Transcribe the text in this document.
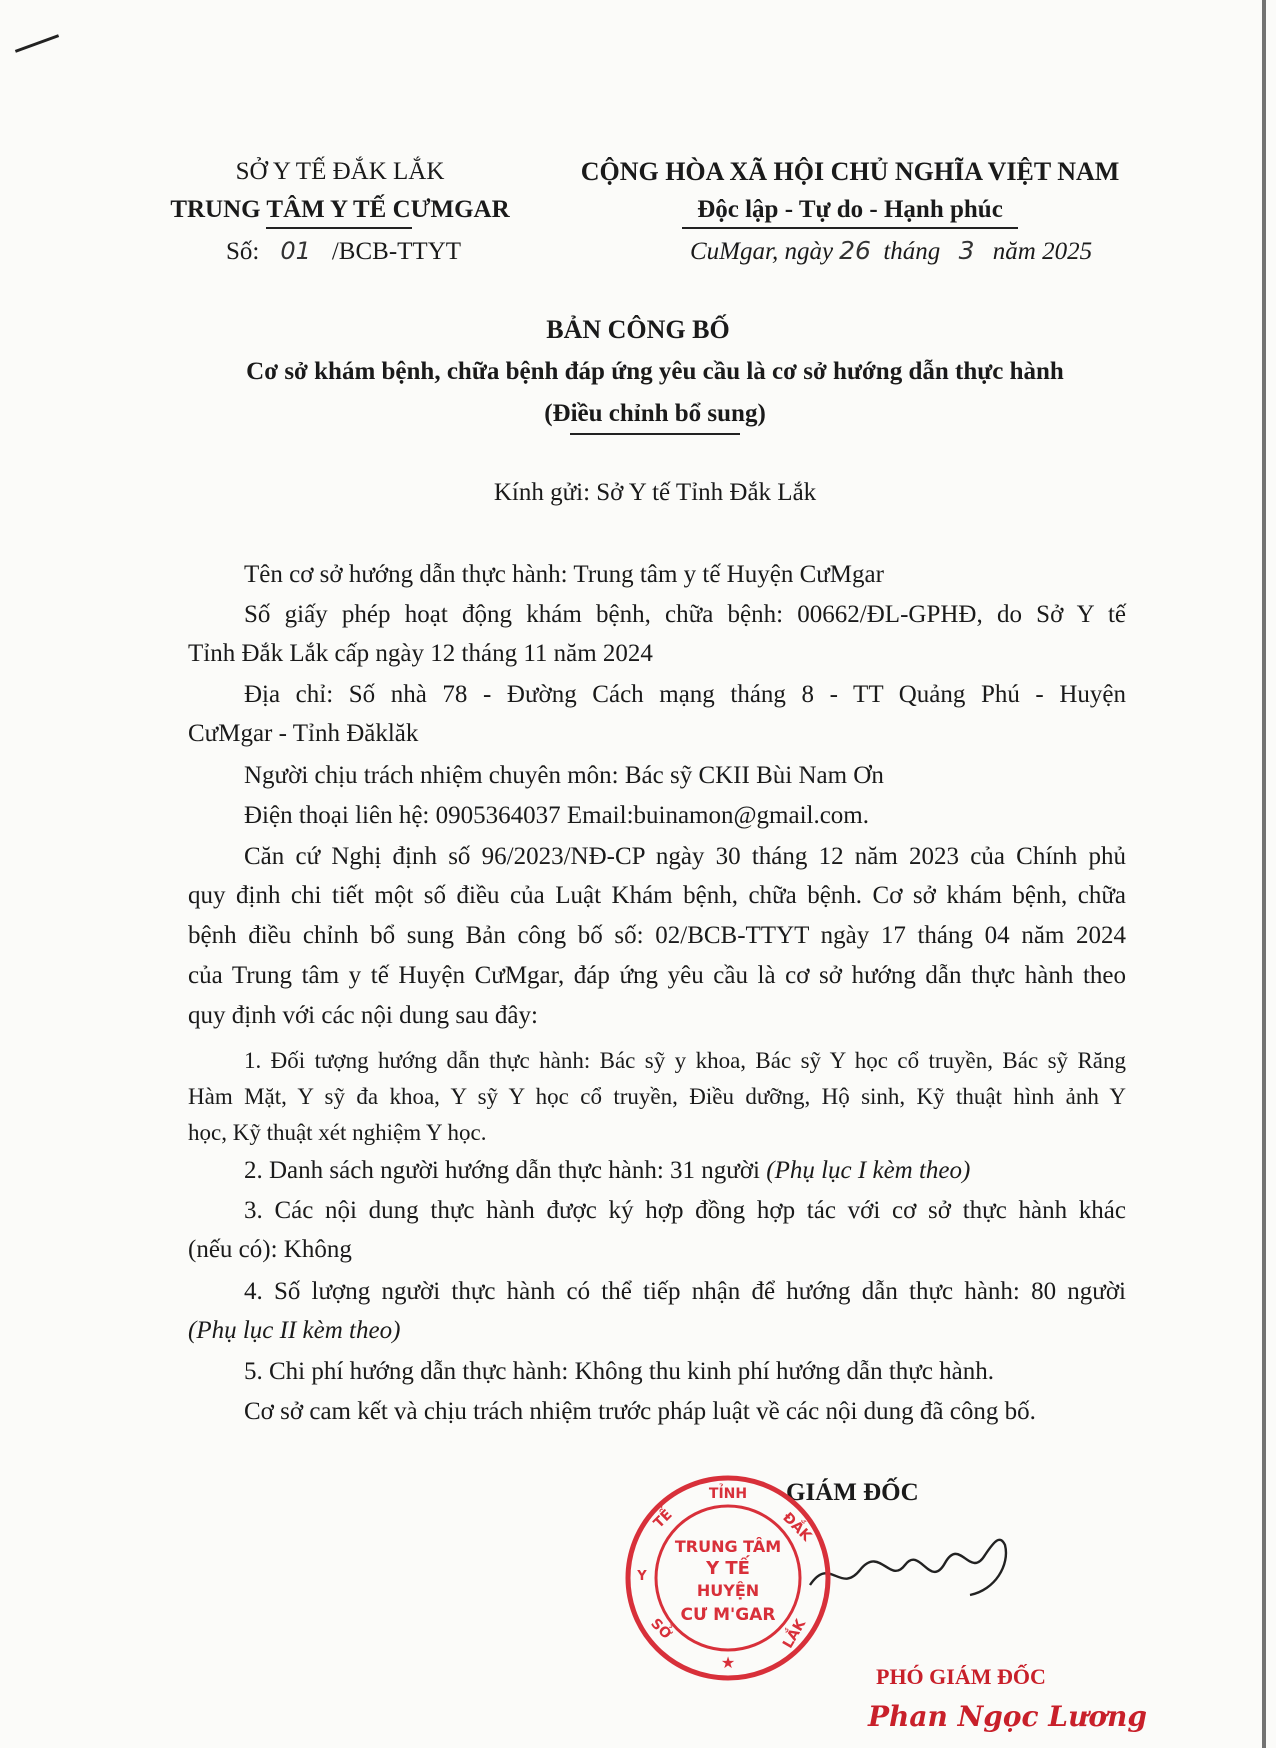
SỞ Y TẾ ĐẮK LẮK
TRUNG TÂM Y TẾ CƯMGAR
Số: 01 /BCB-TTYT
CỘNG HÒA XÃ HỘI CHỦ NGHĨA VIỆT NAM
Độc lập - Tự do - Hạnh phúc
CuMgar, ngày 26 tháng 3 năm 2025
BẢN CÔNG BỐ
Cơ sở khám bệnh, chữa bệnh đáp ứng yêu cầu là cơ sở hướng dẫn thực hành
(Điều chỉnh bổ sung)
Kính gửi: Sở Y tế Tỉnh Đắk Lắk
Tên cơ sở hướng dẫn thực hành: Trung tâm y tế Huyện CưMgar
Số giấy phép hoạt động khám bệnh, chữa bệnh: 00662/ĐL-GPHĐ, do Sở Y tế
Tỉnh Đắk Lắk cấp ngày 12 tháng 11 năm 2024
Địa chỉ: Số nhà 78 - Đường Cách mạng tháng 8 - TT Quảng Phú - Huyện
CưMgar - Tỉnh Đăklăk
Người chịu trách nhiệm chuyên môn: Bác sỹ CKII Bùi Nam Ơn
Điện thoại liên hệ: 0905364037 Email:buinamon@gmail.com.
Căn cứ Nghị định số 96/2023/NĐ-CP ngày 30 tháng 12 năm 2023 của Chính phủ
quy định chi tiết một số điều của Luật Khám bệnh, chữa bệnh. Cơ sở khám bệnh, chữa
bệnh điều chỉnh bổ sung Bản công bố số: 02/BCB-TTYT ngày 17 tháng 04 năm 2024
của Trung tâm y tế Huyện CưMgar, đáp ứng yêu cầu là cơ sở hướng dẫn thực hành theo
quy định với các nội dung sau đây:
1. Đối tượng hướng dẫn thực hành: Bác sỹ y khoa, Bác sỹ Y học cổ truyền, Bác sỹ Răng
Hàm Mặt, Y sỹ đa khoa, Y sỹ Y học cổ truyền, Điều dưỡng, Hộ sinh, Kỹ thuật hình ảnh Y
học, Kỹ thuật xét nghiệm Y học.
2. Danh sách người hướng dẫn thực hành: 31 người (Phụ lục I kèm theo)
3. Các nội dung thực hành được ký hợp đồng hợp tác với cơ sở thực hành khác
(nếu có): Không
4. Số lượng người thực hành có thể tiếp nhận để hướng dẫn thực hành: 80 người
(Phụ lục II kèm theo)
5. Chi phí hướng dẫn thực hành: Không thu kinh phí hướng dẫn thực hành.
Cơ sở cam kết và chịu trách nhiệm trước pháp luật về các nội dung đã công bố.
GIÁM ĐỐC
TRUNG TÂM
Y TẾ
HUYỆN
CƯ M'GAR
TỈNH
ĐẮK
LẮK
TẾ
SỞ
Y
★
PHÓ GIÁM ĐỐC
Phan Ngọc Lương
